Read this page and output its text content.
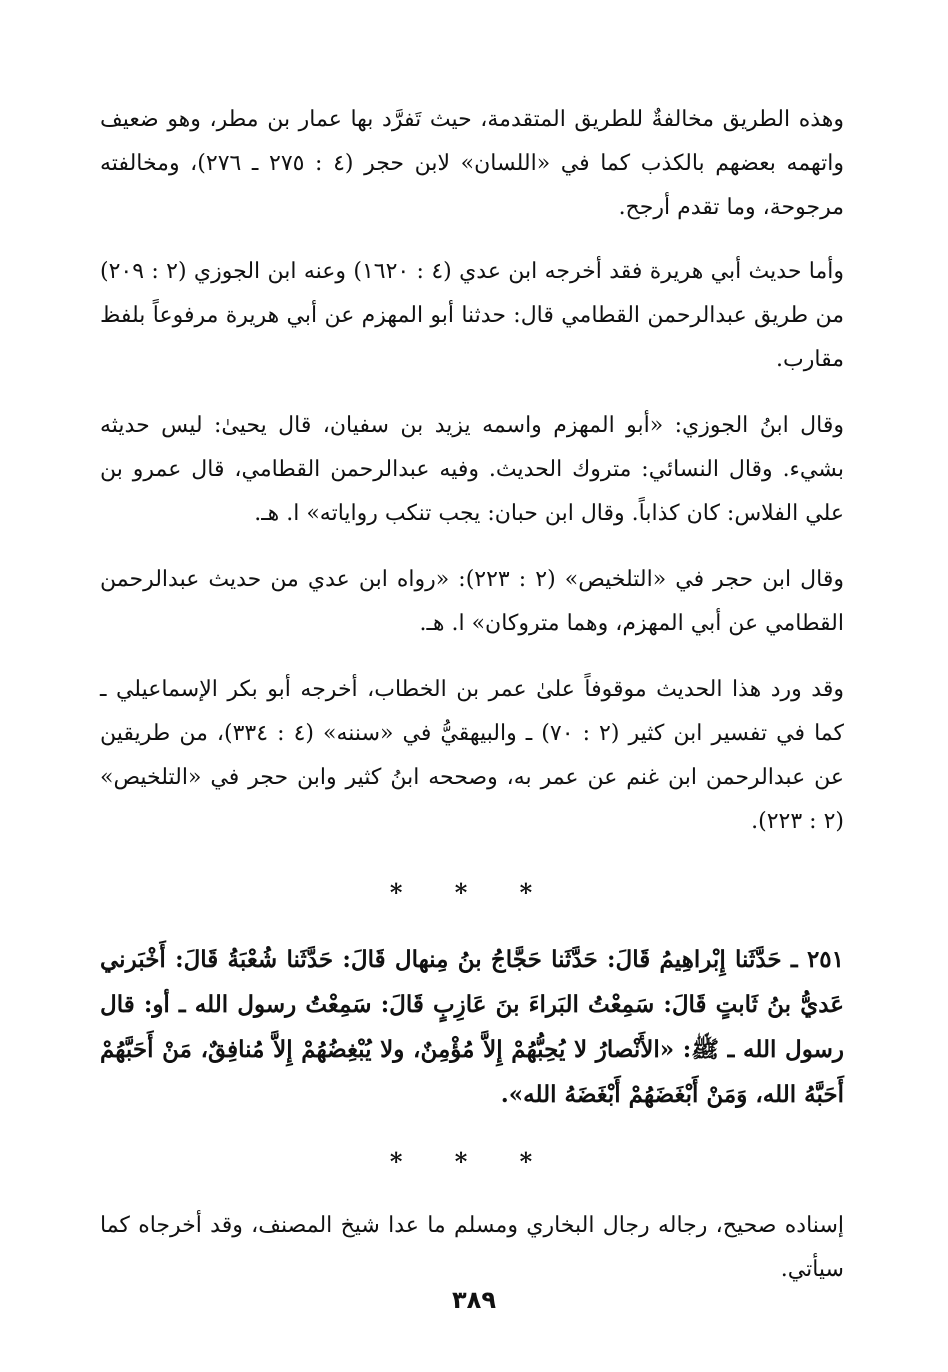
وهذه الطريق مخالفةٌ للطريق المتقدمة، حيث تَفرَّد بها عمار بن مطر، وهو ضعيف واتهمه بعضهم بالكذب كما في «اللسان» لابن حجر (٤ : ٢٧٥ ـ ٢٧٦)، ومخالفته مرجوحة، وما تقدم أرجح.

وأما حديث أبي هريرة فقد أخرجه ابن عدي (٤ : ١٦٢٠) وعنه ابن الجوزي (٢ : ٢٠٩) من طريق عبدالرحمن القطامي قال: حدثنا أبو المهزم عن أبي هريرة مرفوعاً بلفظ مقارب.

وقال ابنُ الجوزي: «أبو المهزم واسمه يزيد بن سفيان، قال يحيىٰ: ليس حديثه بشيء. وقال النسائي: متروك الحديث. وفيه عبدالرحمن القطامي، قال عمرو بن علي الفلاس: كان كذاباً. وقال ابن حبان: يجب تنكب رواياته» ا. هـ.

وقال ابن حجر في «التلخيص» (٢ : ٢٢٣): «رواه ابن عدي من حديث عبدالرحمن القطامي عن أبي المهزم، وهما متروكان» ا. هـ.

وقد ورد هذا الحديث موقوفاً علىٰ عمر بن الخطاب، أخرجه أبو بكر الإسماعيلي ـ كما في تفسير ابن كثير (٢ : ٧٠) ـ والبيهقيُّ في «سننه» (٤ : ٣٣٤)، من طريقين عن عبدالرحمن ابن غنم عن عمر به، وصححه ابنُ كثير وابن حجر في «التلخيص» (٢ : ٢٢٣).

* * *

٢٥١ ـ حَدَّثَنا إِبْراهِيمُ قَالَ: حَدَّثَنا حَجَّاجُ بنُ مِنهال قَالَ: حَدَّثَنا شُعْبَةُ قَالَ: أَخْبَرني عَديُّ بنُ ثَابتٍ قَالَ: سَمِعْتُ البَراءَ بنَ عَازِبٍ قَالَ: سَمِعْتُ رسول الله ـ أو: قال رسول الله ـ ﷺ: «الأَنْصارُ لا يُحِبُّهُمْ إِلاَّ مُؤْمِنٌ، ولا يُبْغِضُهُمْ إِلاَّ مُنافِقٌ، مَنْ أَحَبَّهُمْ أَحَبَّهُ الله، وَمَنْ أَبْغَضَهُمْ أَبْغَضَهُ الله».

* * *

إسناده صحيح، رجاله رجال البخاري ومسلم ما عدا شيخ المصنف، وقد أخرجاه كما سيأتي.

٣٨٩
